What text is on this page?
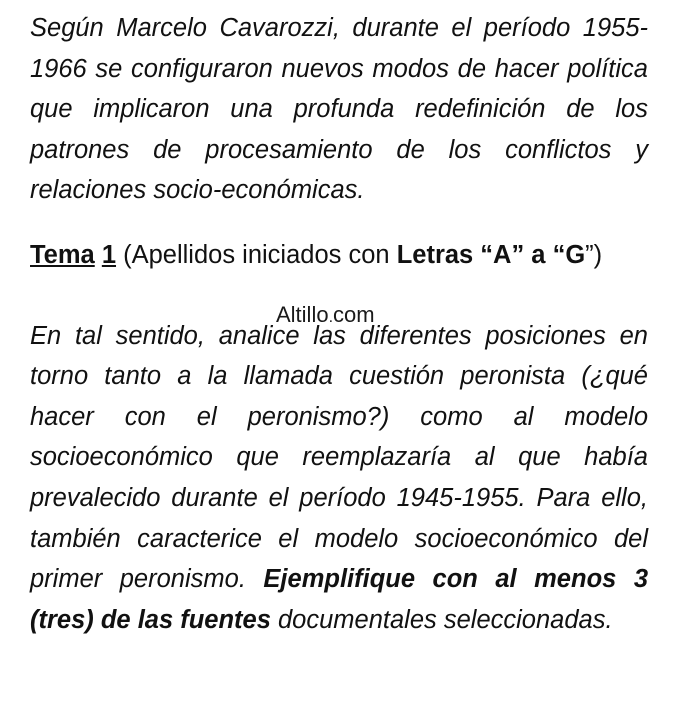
Según Marcelo Cavarozzi, durante el período 1955-1966 se configuraron nuevos modos de hacer política que implicaron una profunda redefinición de los patrones de procesamiento de los conflictos y relaciones socio-económicas.

Tema 1 (Apellidos iniciados con Letras “A” a “G”)

En tal sentido, analice las diferentes posiciones en torno tanto a la llamada cuestión peronista (¿qué hacer con el peronismo?) como al modelo socioeconómico que reemplazaría al que había prevalecido durante el período 1945-1955. Para ello, también caracterice el modelo socioeconómico del primer peronismo. Ejemplifique con al menos 3 (tres) de las fuentes documentales seleccionadas.

Altillo.com
